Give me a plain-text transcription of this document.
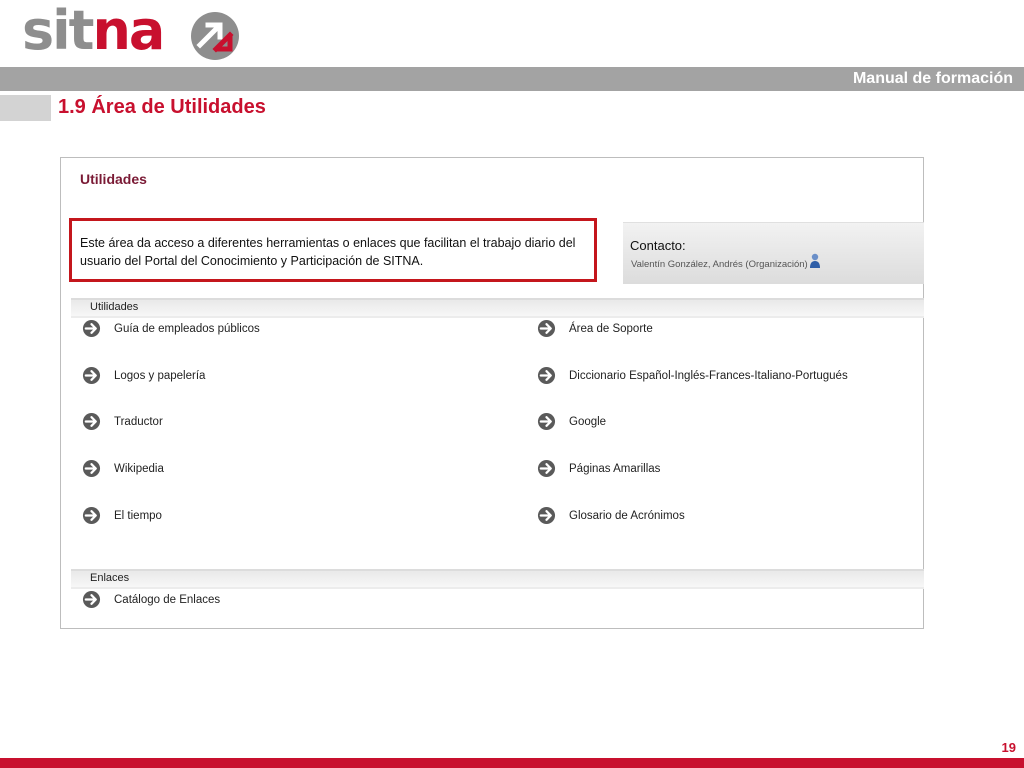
sitna
Manual de formación
1.9 Área de Utilidades
Utilidades
Este área da acceso a diferentes herramientas o enlaces que facilitan el trabajo diario del usuario del Portal del Conocimiento y Participación de SITNA.
Contacto:
Valentín González, Andrés (Organización)
Utilidades
Guía de empleados públicos
Logos y papelería
Traductor
Wikipedia
El tiempo
Área de Soporte
Diccionario Español-Inglés-Frances-Italiano-Portugués
Google
Páginas Amarillas
Glosario de Acrónimos
Enlaces
Catálogo de Enlaces
19
